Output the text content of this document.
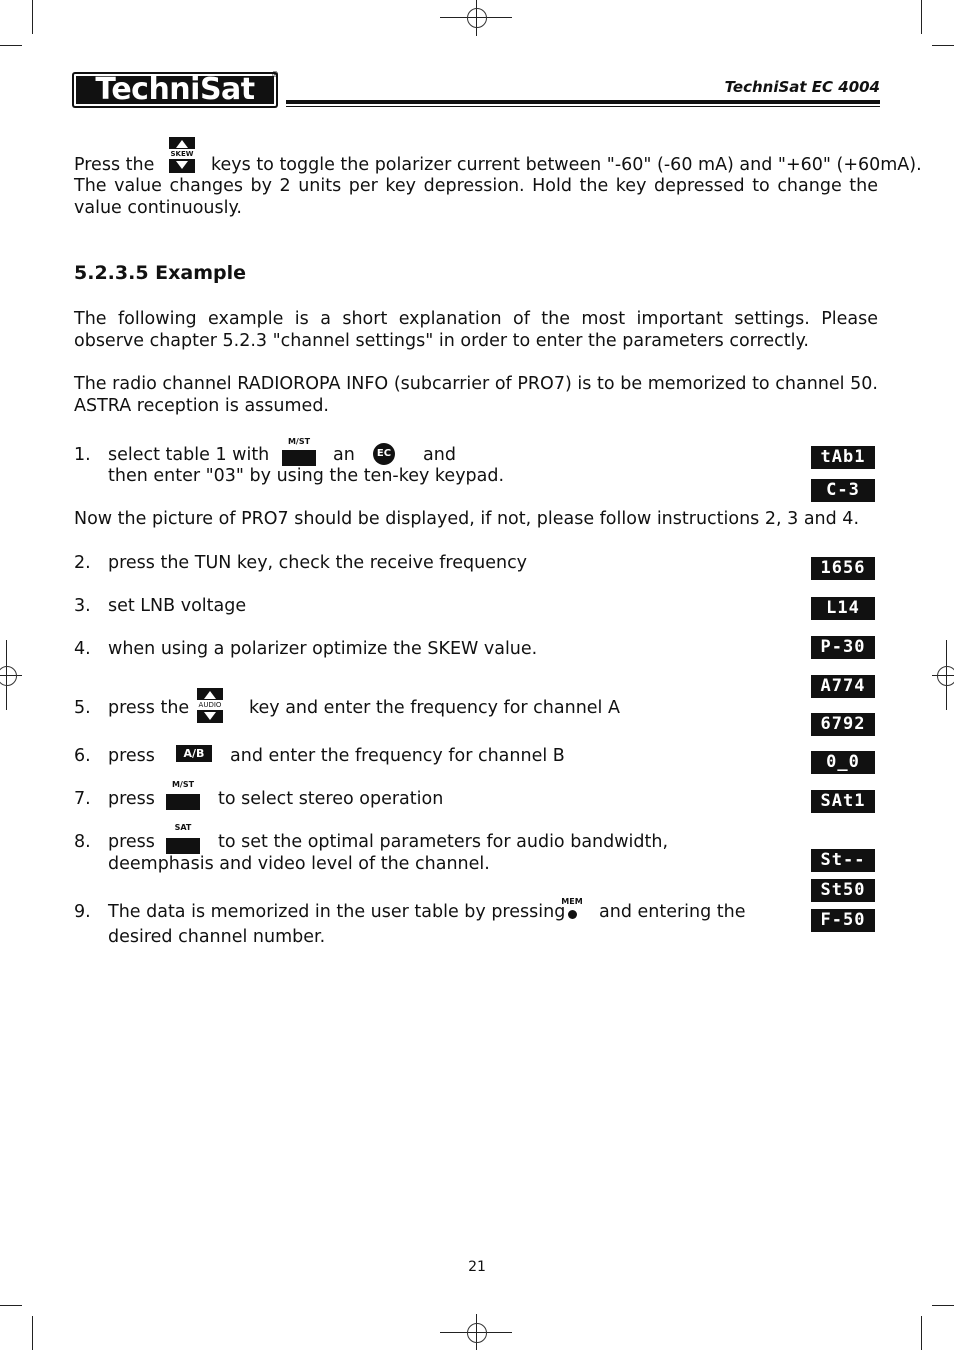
TechniSat	®
TechniSat EC 4004
Press the
SKEW
keys to toggle the polarizer current between "-60" (-60 mA) and "+60" (+60mA).
The value changes by 2 units per key depression. Hold the key depressed to change the value continuously.
5.2.3.5 Example
The following example is a short explanation of the most important settings. Please observe chapter 5.2.3 "channel settings" in order to enter the parameters correctly.
The radio channel RADIOROPA INFO (subcarrier of PRO7) is to be memorized to channel 50. ASTRA reception is assumed.
1. select table 1 with
M/ST
an	EC and
then enter "03" by using the ten-key keypad.
Now the picture of PRO7 should be displayed, if not, please follow instructions 2, 3 and 4.
2. press the TUN key, check the receive frequency
3. set LNB voltage
4. when using a polarizer optimize the SKEW value.
5. press the AUDIO key and enter the frequency for channel A
6. press	A/B	and enter the frequency for channel B
7. press
M/ST
to select stereo operation
8. press
SAT
to set the optimal parameters for audio bandwidth,
deemphasis and video level of the channel.
9. The data is memorized in the user table by pressing
MEM
and entering the
desired channel number.
tAb1
C-3
1656
L14
P-30
A774
6792
0_0
SAt1
St--
St50
F-50
21
